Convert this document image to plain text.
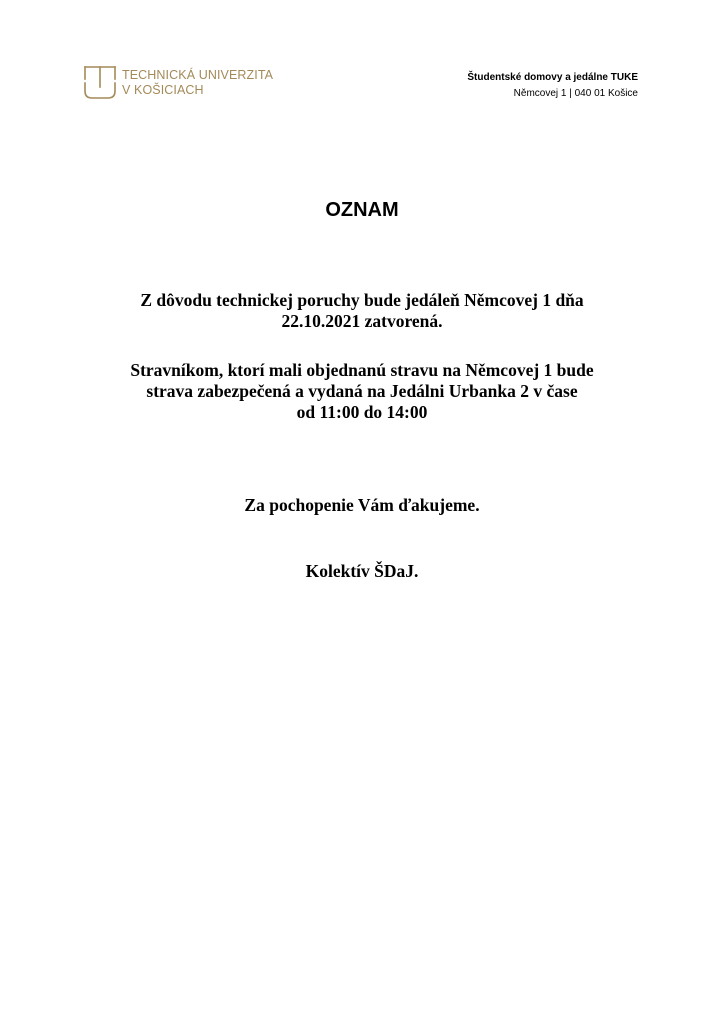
TECHNICKÁ UNIVERZITA
V KOŠICIACH
Študentské domovy a jedálne TUKE
Němcovej 1 | 040 01 Košice
OZNAM

Z dôvodu technickej poruchy bude jedáleň Němcovej 1 dňa
22.10.2021 zatvorená.

Stravníkom, ktorí mali objednanú stravu na Němcovej 1 bude
strava zabezpečená a vydaná na Jedálni Urbanka 2 v čase
od 11:00 do 14:00

Za pochopenie Vám ďakujeme.

Kolektív ŠDaJ.
